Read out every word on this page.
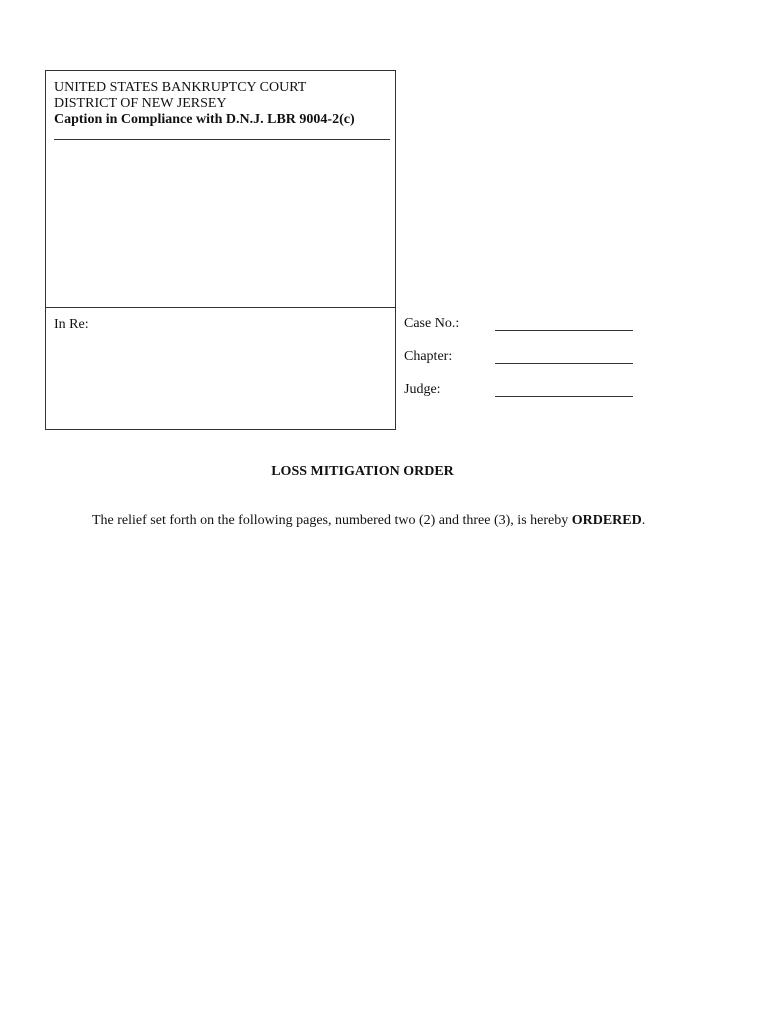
UNITED STATES BANKRUPTCY COURT
DISTRICT OF NEW JERSEY
Caption in Compliance with D.N.J. LBR 9004-2(c)
In Re:	Case No.:
Chapter:
Judge:
LOSS MITIGATION ORDER
The relief set forth on the following pages, numbered two (2) and three (3), is hereby ORDERED.
